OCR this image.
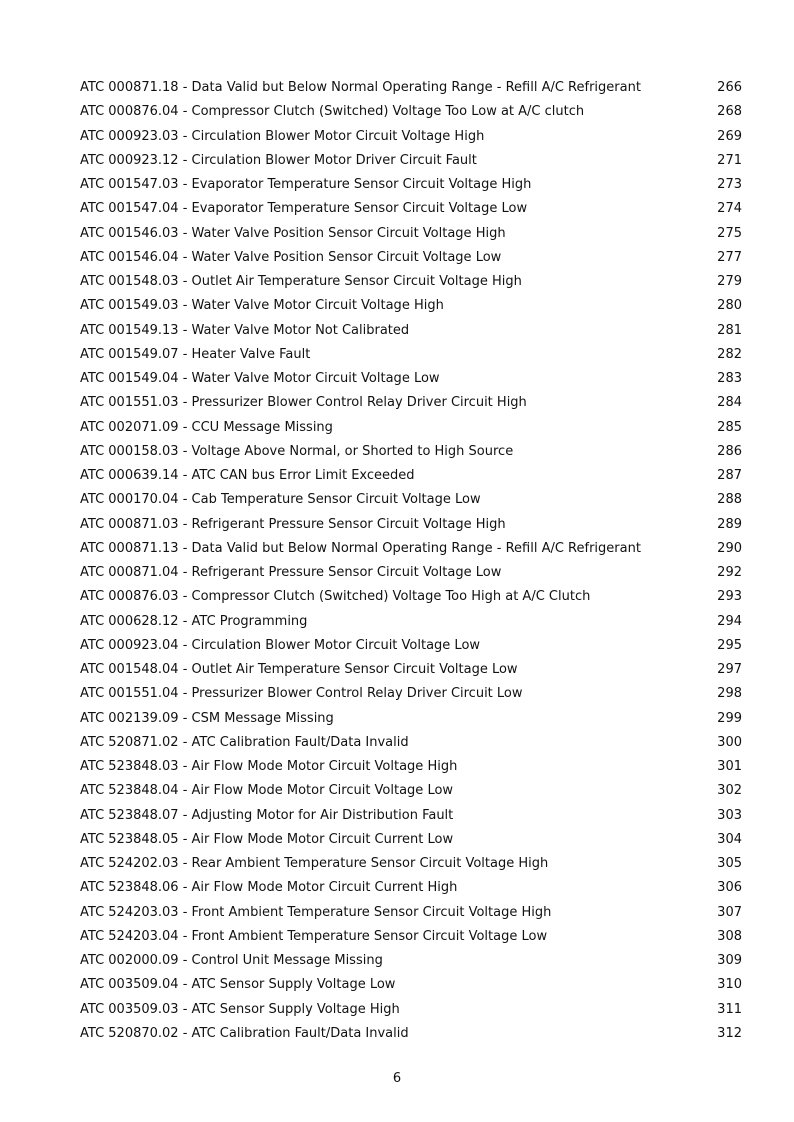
ATC 000871.18 - Data Valid but Below Normal Operating Range - Refill A/C Refrigerant	266
ATC 000876.04 - Compressor Clutch (Switched) Voltage Too Low at A/C clutch	268
ATC 000923.03 - Circulation Blower Motor Circuit Voltage High	269
ATC 000923.12 - Circulation Blower Motor Driver Circuit Fault	271
ATC 001547.03 - Evaporator Temperature Sensor Circuit Voltage High	273
ATC 001547.04 - Evaporator Temperature Sensor Circuit Voltage Low	274
ATC 001546.03 - Water Valve Position Sensor Circuit Voltage High	275
ATC 001546.04 - Water Valve Position Sensor Circuit Voltage Low	277
ATC 001548.03 - Outlet Air Temperature Sensor Circuit Voltage High	279
ATC 001549.03 - Water Valve Motor Circuit Voltage High	280
ATC 001549.13 - Water Valve Motor Not Calibrated	281
ATC 001549.07 - Heater Valve Fault	282
ATC 001549.04 - Water Valve Motor Circuit Voltage Low	283
ATC 001551.03 - Pressurizer Blower Control Relay Driver Circuit High	284
ATC 002071.09 - CCU Message Missing	285
ATC 000158.03 - Voltage Above Normal, or Shorted to High Source	286
ATC 000639.14 - ATC CAN bus Error Limit Exceeded	287
ATC 000170.04 - Cab Temperature Sensor Circuit Voltage Low	288
ATC 000871.03 - Refrigerant Pressure Sensor Circuit Voltage High	289
ATC 000871.13 - Data Valid but Below Normal Operating Range - Refill A/C Refrigerant	290
ATC 000871.04 - Refrigerant Pressure Sensor Circuit Voltage Low	292
ATC 000876.03 - Compressor Clutch (Switched) Voltage Too High at A/C Clutch	293
ATC 000628.12 - ATC Programming	294
ATC 000923.04 - Circulation Blower Motor Circuit Voltage Low	295
ATC 001548.04 - Outlet Air Temperature Sensor Circuit Voltage Low	297
ATC 001551.04 - Pressurizer Blower Control Relay Driver Circuit Low	298
ATC 002139.09 - CSM Message Missing	299
ATC 520871.02 - ATC Calibration Fault/Data Invalid	300
ATC 523848.03 - Air Flow Mode Motor Circuit Voltage High	301
ATC 523848.04 - Air Flow Mode Motor Circuit Voltage Low	302
ATC 523848.07 - Adjusting Motor for Air Distribution Fault	303
ATC 523848.05 - Air Flow Mode Motor Circuit Current Low	304
ATC 524202.03 - Rear Ambient Temperature Sensor Circuit Voltage High	305
ATC 523848.06 - Air Flow Mode Motor Circuit Current High	306
ATC 524203.03 - Front Ambient Temperature Sensor Circuit Voltage High	307
ATC 524203.04 - Front Ambient Temperature Sensor Circuit Voltage Low	308
ATC 002000.09 - Control Unit Message Missing	309
ATC 003509.04 - ATC Sensor Supply Voltage Low	310
ATC 003509.03 - ATC Sensor Supply Voltage High	311
ATC 520870.02 - ATC Calibration Fault/Data Invalid	312
6
